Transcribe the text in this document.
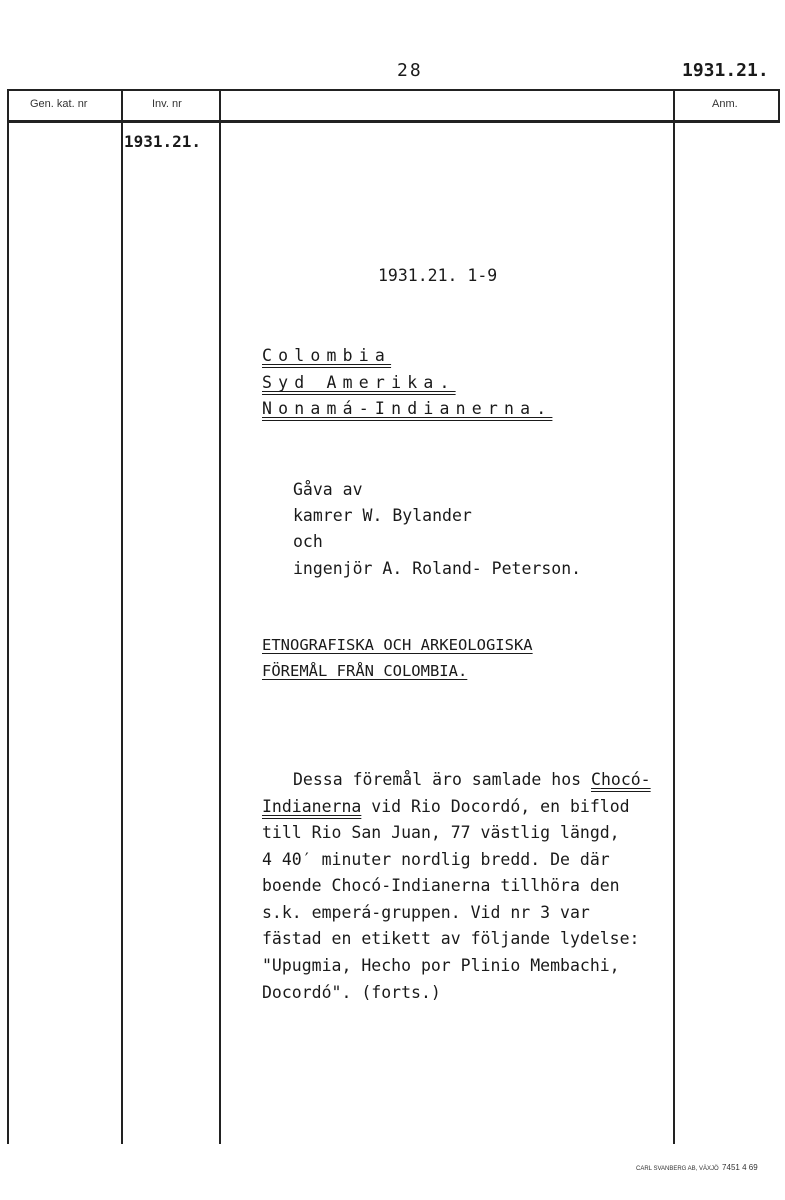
28	1931.21.
Gen. kat. nr	Inv. nr	Anm.
1931.21.
1931.21. 1-9
Colombia
Syd Amerika.
Nonamá-Indianerna.
Gåva av
kamrer W. Bylander
och
ingenjör A. Roland- Peterson.
ETNOGRAFISKA OCH ARKEOLOGISKA
FÖREMÅL FRÅN COLOMBIA.
Dessa föremål äro samlade hos Chocó-
Indianerna vid Rio Docordó, en biflod
till Rio San Juan, 77 västlig längd,
4 40′ minuter nordlig bredd. De där
boende Chocó-Indianerna tillhöra den
s.k. emperá-gruppen. Vid nr 3 var
fästad en etikett av följande lydelse:
"Upugmia, Hecho por Plinio Membachi,
Docordó". (forts.)
CARL SVANBERG AB, VÄXJÖ 7451 4 69
